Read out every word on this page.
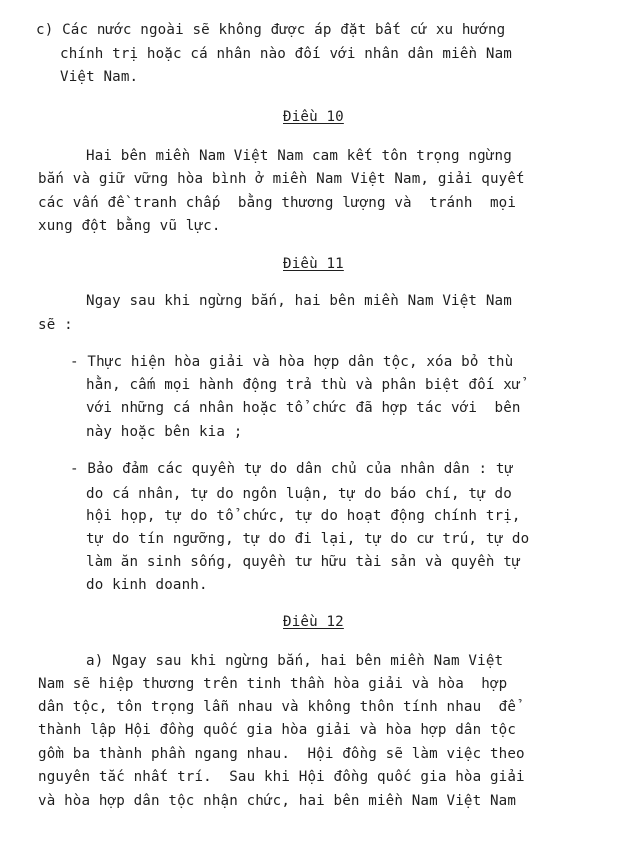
c) Các nước ngoài sẽ không được áp đặt bất cứ xu hướng
chính trị hoặc cá nhân nào đối với nhân dân miền Nam
Việt Nam.
Điều 10
Hai bên miền Nam Việt Nam cam kết tôn trọng ngừng
bắn và giữ vững hòa bình ở miền Nam Việt Nam, giải quyết
các vấn đề tranh chấp  bằng thương lượng và  tránh  mọi
xung đột bằng vũ lực.
Điều 11
Ngay sau khi ngừng bắn, hai bên miền Nam Việt Nam
sẽ :
- Thực hiện hòa giải và hòa hợp dân tộc, xóa bỏ thù
hằn, cấm mọi hành động trả thù và phân biệt đối xử
với những cá nhân hoặc tổ chức đã hợp tác với  bên
này hoặc bên kia ;
- Bảo đảm các quyền tự do dân chủ của nhân dân : tự
do cá nhân, tự do ngôn luận, tự do báo chí, tự do
hội họp, tự do tổ chức, tự do hoạt động chính trị,
tự do tín ngưỡng, tự do đi lại, tự do cư trú, tự do
làm ăn sinh sống, quyền tư hữu tài sản và quyền tự
do kinh doanh.
Điều 12
a) Ngay sau khi ngừng bắn, hai bên miền Nam Việt
Nam sẽ hiệp thương trên tinh thần hòa giải và hòa  hợp
dân tộc, tôn trọng lẫn nhau và không thôn tính nhau  để
thành lập Hội đồng quốc gia hòa giải và hòa hợp dân tộc
gồm ba thành phần ngang nhau.  Hội đồng sẽ làm việc theo
nguyên tắc nhất trí.  Sau khi Hội đồng quốc gia hòa giải
và hòa hợp dân tộc nhận chức, hai bên miền Nam Việt Nam
